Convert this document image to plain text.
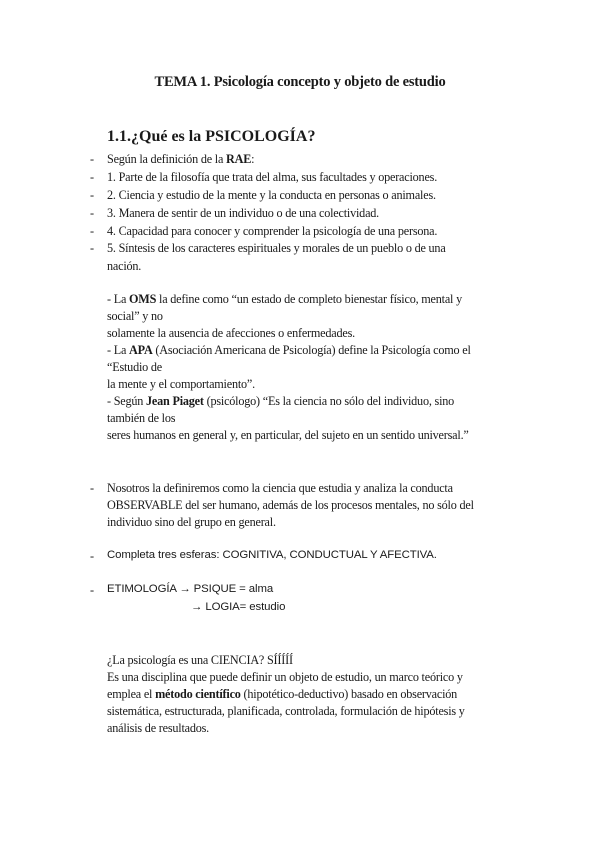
TEMA 1. Psicología concepto y objeto de estudio
1.1.¿Qué es la PSICOLOGÍA?
- Según la definición de la RAE:
- 1. Parte de la filosofía que trata del alma, sus facultades y operaciones.
- 2. Ciencia y estudio de la mente y la conducta en personas o animales.
- 3. Manera de sentir de un individuo o de una colectividad.
- 4. Capacidad para conocer y comprender la psicología de una persona.
- 5. Síntesis de los caracteres espirituales y morales de un pueblo o de una
nación.
- La OMS la define como “un estado de completo bienestar físico, mental y
social” y no
solamente la ausencia de afecciones o enfermedades.
- La APA (Asociación Americana de Psicología) define la Psicología como el
“Estudio de
la mente y el comportamiento”.
- Según Jean Piaget (psicólogo) “Es la ciencia no sólo del individuo, sino
también de los
seres humanos en general y, en particular, del sujeto en un sentido universal.”
- Nosotros la definiremos como la ciencia que estudia y analiza la conducta
OBSERVABLE del ser humano, además de los procesos mentales, no sólo del
individuo sino del grupo en general.
- Completa tres esferas: COGNITIVA, CONDUCTUAL Y AFECTIVA.
- ETIMOLOGÍA → PSIQUE = alma
→ LOGIA= estudio
¿La psicología es una CIENCIA? SÍÍÍÍÍ
Es una disciplina que puede definir un objeto de estudio, un marco teórico y
emplea el método científico (hipotético-deductivo) basado en observación
sistemática, estructurada, planificada, controlada, formulación de hipótesis y
análisis de resultados.
